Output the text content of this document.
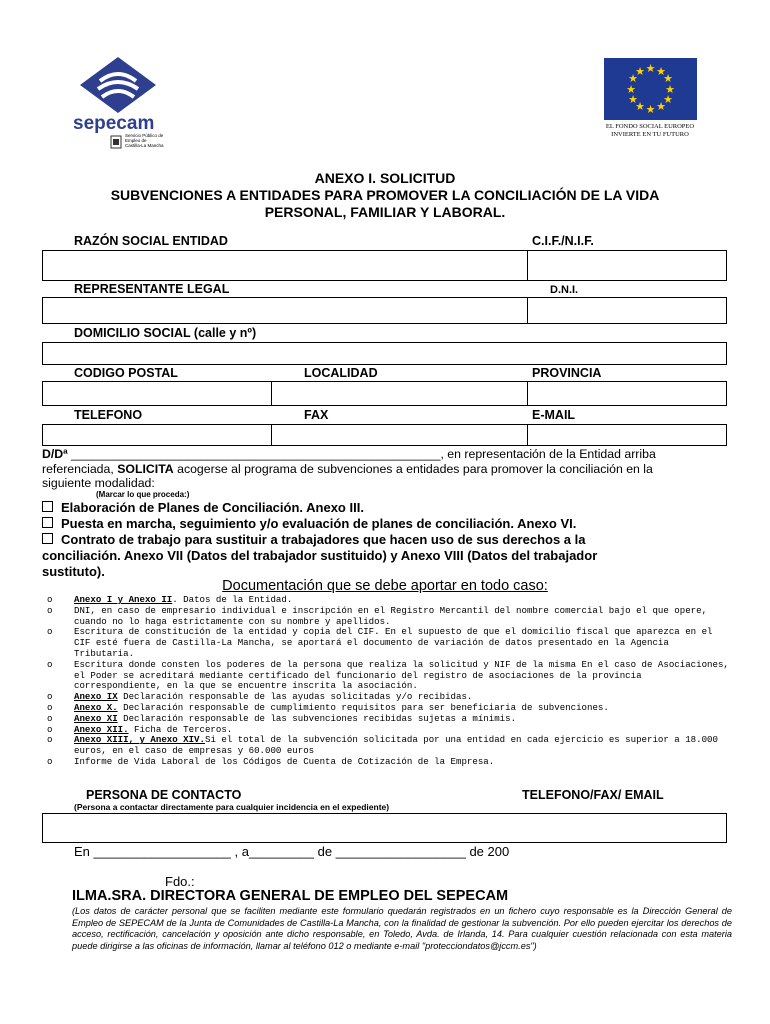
sepecam
Servicio Público de
Empleo de
Castilla-La Mancha
★ ★
★
★
★
★
★
★
★
★
★
★
EL FONDO SOCIAL EUROPEO
INVIERTE EN TU FUTURO
ANEXO I. SOLICITUD
SUBVENCIONES A ENTIDADES PARA PROMOVER LA CONCILIACIÓN DE LA VIDA
PERSONAL, FAMILIAR Y LABORAL.
RAZÓN SOCIAL ENTIDAD	C.I.F./N.I.F.
REPRESENTANTE LEGAL	D.N.I.
DOMICILIO SOCIAL (calle y nº)
CODIGO POSTAL	LOCALIDAD	PROVINCIA
TELEFONO	FAX	E-MAIL
D/Dª ______________________________________________________, en representación de la Entidad arriba
referenciada, SOLICITA acogerse al programa de subvenciones a entidades para promover la conciliación en la
siguiente modalidad:
(Marcar lo que proceda:)
Elaboración de Planes de Conciliación. Anexo III.
Puesta en marcha, seguimiento y/o evaluación de planes de conciliación. Anexo VI.
Contrato de trabajo para sustituir a trabajadores que hacen uso de sus derechos a la
conciliación. Anexo VII (Datos del trabajador sustituido) y Anexo VIII (Datos del trabajador
sustituto).
Documentación que se debe aportar en todo caso:
o Anexo I y Anexo II. Datos de la Entidad.
o DNI, en caso de empresario individual e inscripción en el Registro Mercantil del nombre comercial bajo el que opere, cuando no lo haga estrictamente con su nombre y apellidos.
o Escritura de constitución de la entidad y copia del CIF. En el supuesto de que el domicilio fiscal que aparezca en el CIF esté fuera de Castilla-La Mancha, se aportará el documento de variación de datos presentado en la Agencia Tributaria.
o Escritura donde consten los poderes de la persona que realiza la solicitud y NIF de la misma En el caso de Asociaciones, el Poder se acreditará mediante certificado del funcionario del registro de asociaciones de la provincia correspondiente, en la que se encuentre inscrita la asociación.
o Anexo IX Declaración responsable de las ayudas solicitadas y/o recibidas.
o Anexo X. Declaración responsable de cumplimiento requisitos para ser beneficiaria de subvenciones.
o Anexo XI Declaración responsable de las subvenciones recibidas sujetas a mínimis.
o Anexo XII. Ficha de Terceros.
o Anexo XIII, y Anexo XIV.Si el total de la subvención solicitada por una entidad en cada ejercicio es superior a 18.000 euros, en el caso de empresas y 60.000 euros
o Informe de Vida Laboral de los Códigos de Cuenta de Cotización de la Empresa.
PERSONA DE CONTACTO	TELEFONO/FAX/ EMAIL
(Persona a contactar directamente para cualquier incidencia en el expediente)
En ___________________ , a_________ de __________________ de 200
Fdo.:
ILMA.SRA. DIRECTORA GENERAL DE EMPLEO DEL SEPECAM
(Los datos de carácter personal que se faciliten mediante este formulario quedarán registrados en un fichero cuyo responsable es la Dirección General de Empleo de SEPECAM de la Junta de Comunidades de Castilla-La Mancha, con la finalidad de gestionar la subvención. Por ello pueden ejercitar los derechos de acceso, rectificación, cancelación y oposición ante dicho responsable, en Toledo, Avda. de Irlanda, 14. Para cualquier cuestión relacionada con esta materia puede dirigirse a las oficinas de información, llamar al teléfono 012 o mediante e-mail "protecciondatos@jccm.es")
